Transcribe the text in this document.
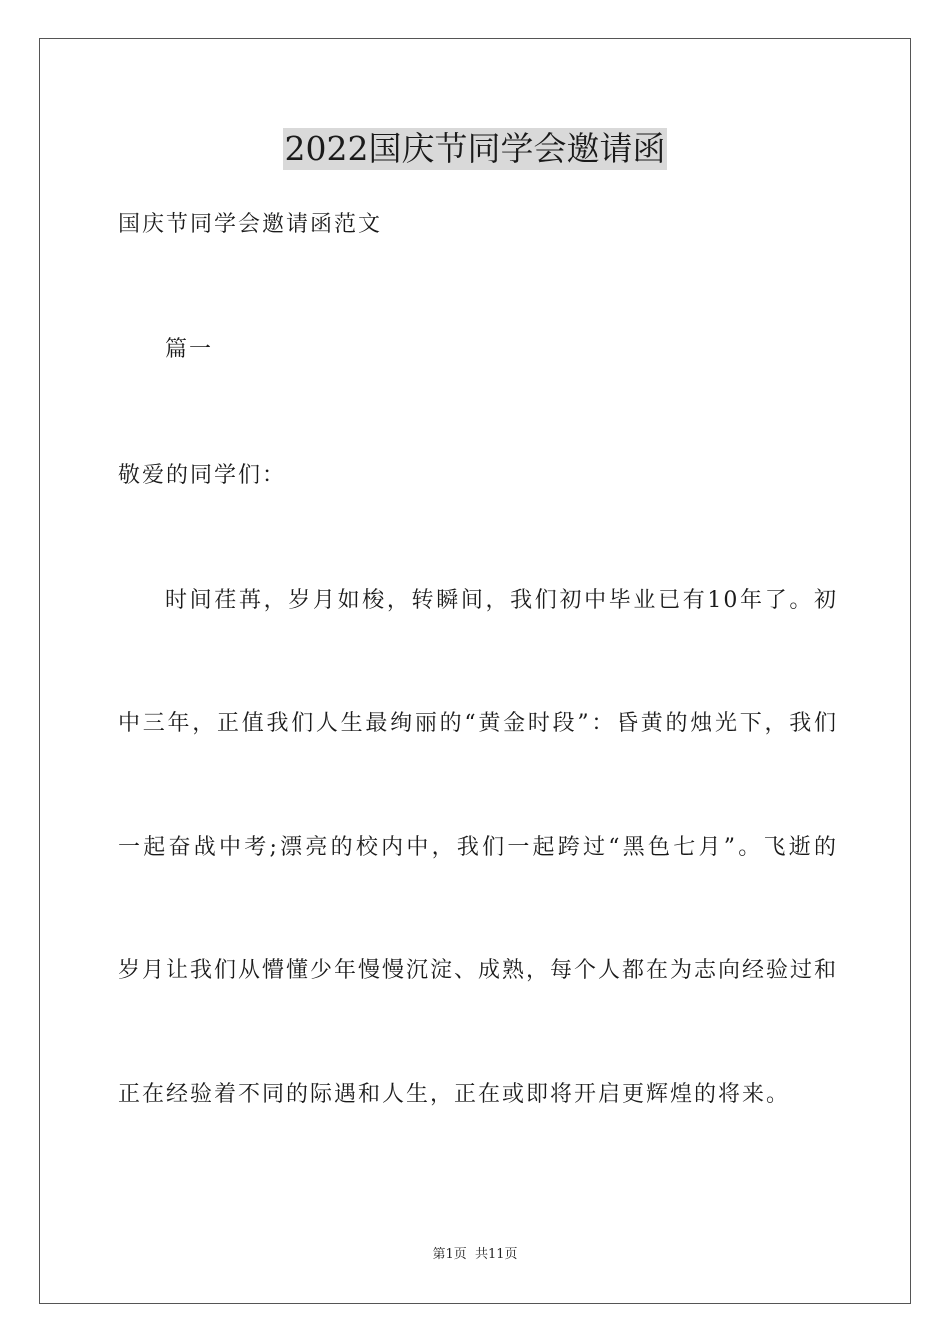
2022国庆节同学会邀请函
国庆节同学会邀请函范文
篇一
敬爱的同学们：
时间荏苒，岁月如梭，转瞬间，我们初中毕业已有10年了。初
中三年，正值我们人生最绚丽的“黄金时段”：昏黄的烛光下，我们
一起奋战中考;漂亮的校内中，我们一起跨过“黑色七月”。飞逝的
岁月让我们从懵懂少年慢慢沉淀、成熟，每个人都在为志向经验过和
正在经验着不同的际遇和人生，正在或即将开启更辉煌的将来。
第1页 共11页
